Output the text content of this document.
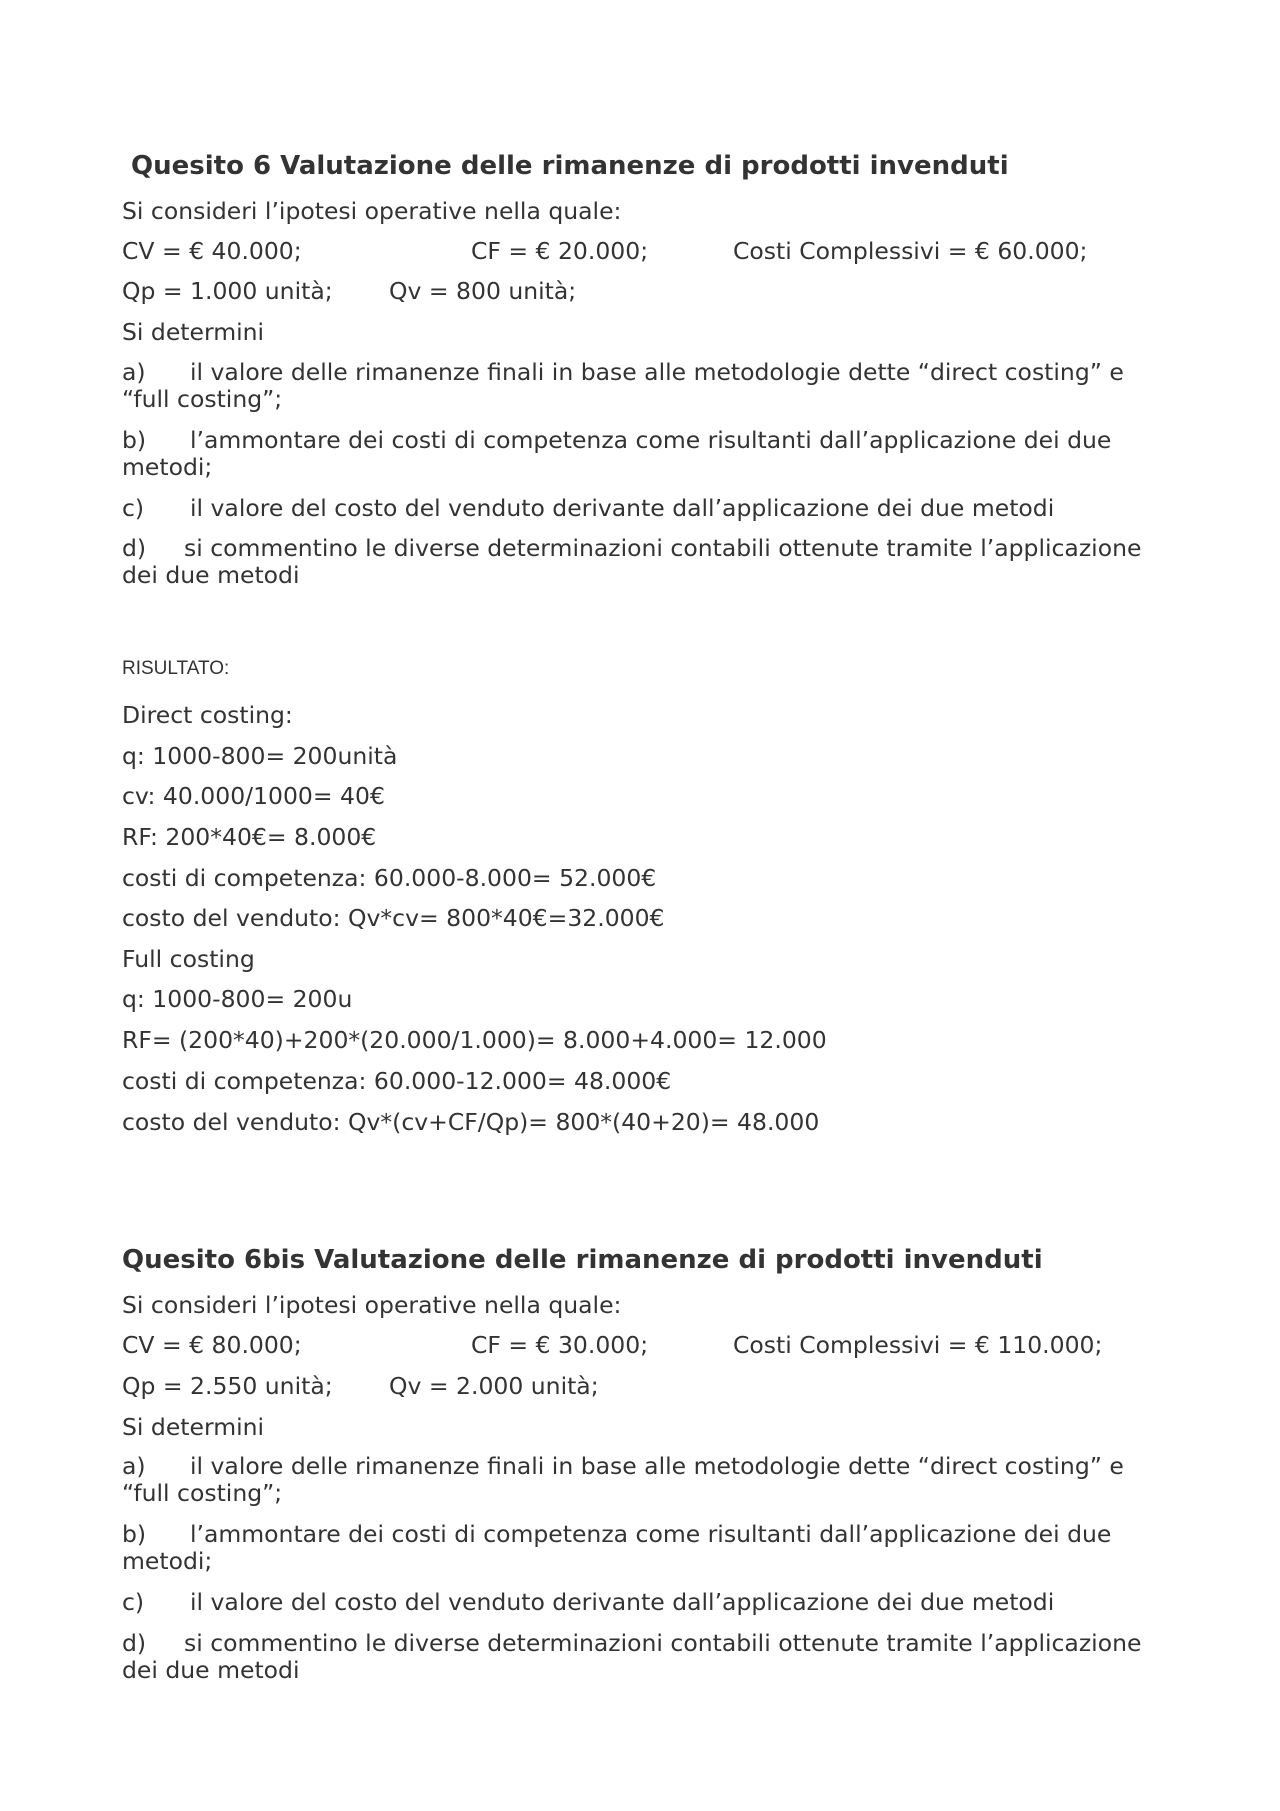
Quesito 6 Valutazione delle rimanenze di prodotti invenduti
Si consideri l’ipotesi operative nella quale:
CV = € 40.000;	CF = € 20.000;	Costi Complessivi = € 60.000;
Qp = 1.000 unità; Qv = 800 unità;
Si determini
a) il valore delle rimanenze finali in base alle metodologie dette “direct costing” e
“full costing”;
b) l’ammontare dei costi di competenza come risultanti dall’applicazione dei due
metodi;
c) il valore del costo del venduto derivante dall’applicazione dei due metodi
d) si commentino le diverse determinazioni contabili ottenute tramite l’applicazione
dei due metodi
RISULTATO:
Direct costing:
q: 1000-800= 200unità
cv: 40.000/1000= 40€
RF: 200*40€= 8.000€
costi di competenza: 60.000-8.000= 52.000€
costo del venduto: Qv*cv= 800*40€=32.000€
Full costing
q: 1000-800= 200u
RF= (200*40)+200*(20.000/1.000)= 8.000+4.000= 12.000
costi di competenza: 60.000-12.000= 48.000€
costo del venduto: Qv*(cv+CF/Qp)= 800*(40+20)= 48.000
Quesito 6bis Valutazione delle rimanenze di prodotti invenduti
Si consideri l’ipotesi operative nella quale:
CV = € 80.000;	CF = € 30.000;	Costi Complessivi = € 110.000;
Qp = 2.550 unità; Qv = 2.000 unità;
Si determini
a) il valore delle rimanenze finali in base alle metodologie dette “direct costing” e
“full costing”;
b) l’ammontare dei costi di competenza come risultanti dall’applicazione dei due
metodi;
c) il valore del costo del venduto derivante dall’applicazione dei due metodi
d) si commentino le diverse determinazioni contabili ottenute tramite l’applicazione
dei due metodi
